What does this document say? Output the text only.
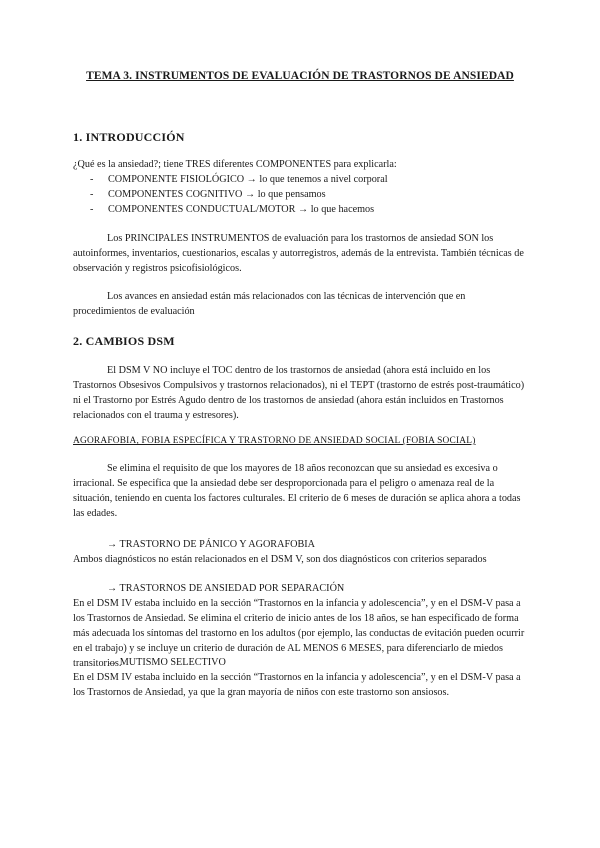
TEMA 3. INSTRUMENTOS DE EVALUACIÓN DE TRASTORNOS DE ANSIEDAD
1. INTRODUCCIÓN
¿Qué es la ansiedad?; tiene TRES diferentes COMPONENTES para explicarla:
- COMPONENTE FISIOLÓGICO → lo que tenemos a nivel corporal
- COMPONENTES COGNITIVO → lo que pensamos
- COMPONENTES CONDUCTUAL/MOTOR → lo que hacemos
Los PRINCIPALES INSTRUMENTOS de evaluación para los trastornos de ansiedad SON los autoinformes, inventarios, cuestionarios, escalas y autorregistros, además de la entrevista. También técnicas de observación y registros psicofisiológicos.
Los avances en ansiedad están más relacionados con las técnicas de intervención que en procedimientos de evaluación
2. CAMBIOS DSM
El DSM V NO incluye el TOC dentro de los trastornos de ansiedad (ahora está incluido en los Trastornos Obsesivos Compulsivos y trastornos relacionados), ni el TEPT (trastorno de estrés post-traumático) ni el Trastorno por Estrés Agudo dentro de los trastornos de ansiedad (ahora están incluidos en Trastornos relacionados con el trauma y estresores).
AGORAFOBIA, FOBIA ESPECÍFICA Y TRASTORNO DE ANSIEDAD SOCIAL (FOBIA SOCIAL)
Se elimina el requisito de que los mayores de 18 años reconozcan que su ansiedad es excesiva o irracional. Se especifica que la ansiedad debe ser desproporcionada para el peligro o amenaza real de la situación, teniendo en cuenta los factores culturales. El criterio de 6 meses de duración se aplica ahora a todas las edades.
→ TRASTORNO DE PÁNICO Y AGORAFOBIA
Ambos diagnósticos no están relacionados en el DSM V, son dos diagnósticos con criterios separados
→ TRASTORNOS DE ANSIEDAD POR SEPARACIÓN
En el DSM IV estaba incluido en la sección “Trastornos en la infancia y adolescencia”, y en el DSM-V pasa a los Trastornos de Ansiedad. Se elimina el criterio de inicio antes de los 18 años, se han especificado de forma más adecuada los síntomas del trastorno en los adultos (por ejemplo, las conductas de evitación pueden ocurrir en el trabajo) y se incluye un criterio de duración de AL MENOS 6 MESES, para diferenciarlo de miedos transitorios.
→ MUTISMO SELECTIVO
En el DSM IV estaba incluido en la sección “Trastornos en la infancia y adolescencia”, y en el DSM-V pasa a los Trastornos de Ansiedad, ya que la gran mayoría de niños con este trastorno son ansiosos.
